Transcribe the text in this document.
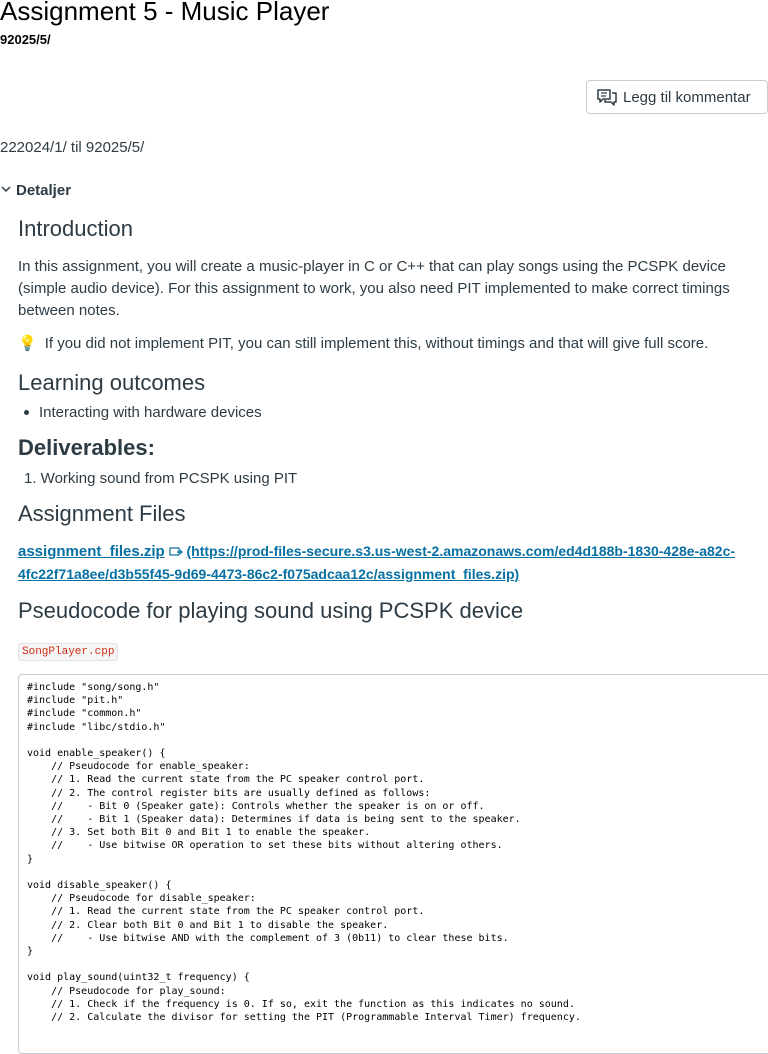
Assignment 5 - Music Player
92025/5/
Legg til kommentar
222024/1/ til 92025/5/
Detaljer
Introduction

In this assignment, you will create a music-player in C or C++ that can play songs using the PCSPK device (simple audio device). For this assignment to work, you also need PIT implemented to make correct timings between notes.

💡 If you did not implement PIT, you can still implement this, without timings and that will give full score.
Learning outcomes
Interacting with hardware devices
Deliverables:
1. Working sound from PCSPK using PIT
Assignment Files
assignment_files.zip (https://prod-files-secure.s3.us-west-2.amazonaws.com/ed4d188b-1830-428e-a82c-4fc22f71a8ee/d3b55f45-9d69-4473-86c2-f075adcaa12c/assignment_files.zip)
Pseudocode for playing sound using PCSPK device
SongPlayer.cpp
#include "song/song.h"
#include "pit.h"
#include "common.h"
#include "libc/stdio.h"

void enable_speaker() {
// Pseudocode for enable_speaker:
// 1. Read the current state from the PC speaker control port.
// 2. The control register bits are usually defined as follows:
//    - Bit 0 (Speaker gate): Controls whether the speaker is on or off.
//    - Bit 1 (Speaker data): Determines if data is being sent to the speaker.
// 3. Set both Bit 0 and Bit 1 to enable the speaker.
//    - Use bitwise OR operation to set these bits without altering others.
}

void disable_speaker() {
// Pseudocode for disable_speaker:
// 1. Read the current state from the PC speaker control port.
// 2. Clear both Bit 0 and Bit 1 to disable the speaker.
//    - Use bitwise AND with the complement of 3 (0b11) to clear these bits.
}

void play_sound(uint32_t frequency) {
// Pseudocode for play_sound:
// 1. Check if the frequency is 0. If so, exit the function as this indicates no sound.
// 2. Calculate the divisor for setting the PIT (Programmable Interval Timer) frequency.
